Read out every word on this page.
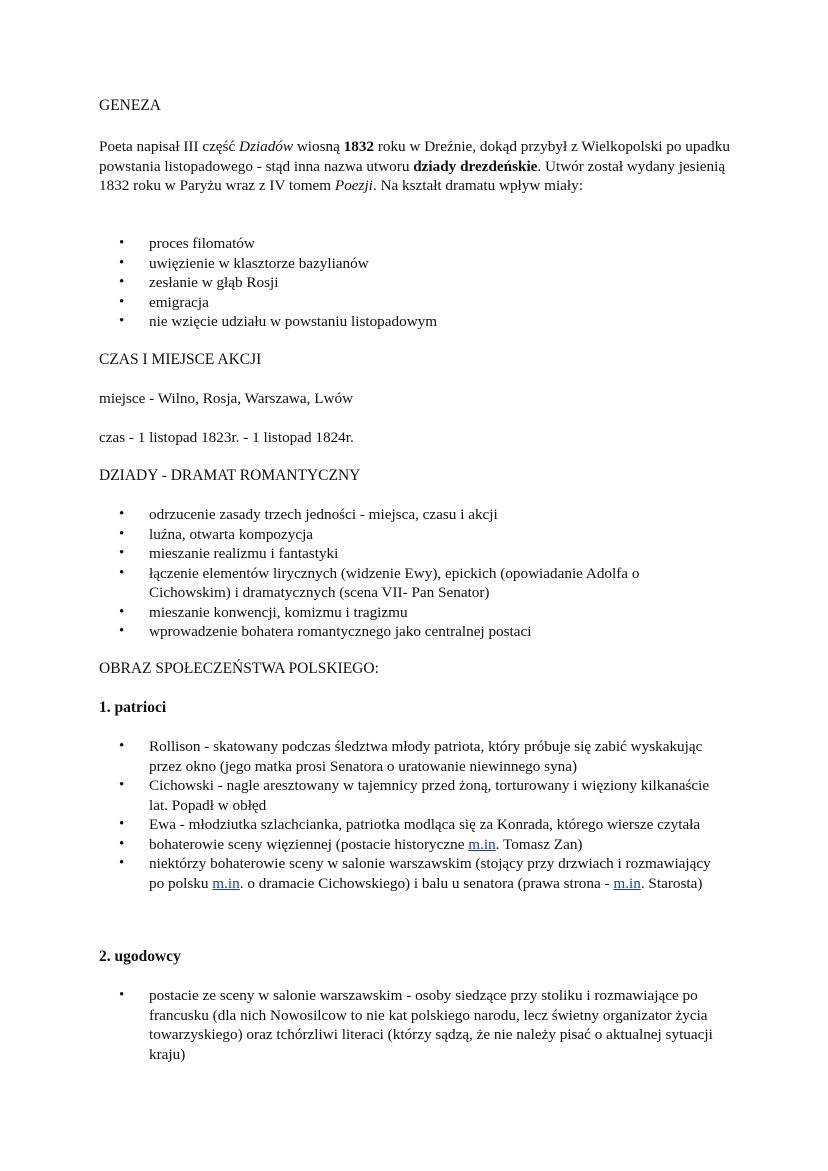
GENEZA

Poeta napisał III część Dziadów wiosną 1832 roku w Dreźnie, dokąd przybył z Wielkopolski po upadku powstania listopadowego - stąd inna nazwa utworu dziady drezdeńskie. Utwór został wydany jesienią 1832 roku w Paryżu wraz z IV tomem Poezji. Na kształt dramatu wpływ miały:

• proces filomatów
• uwięzienie w klasztorze bazylianów
• zesłanie w głąb Rosji
• emigracja
• nie wzięcie udziału w powstaniu listopadowym

CZAS I MIEJSCE AKCJI

miejsce - Wilno, Rosja, Warszawa, Lwów

czas - 1 listopad 1823r. - 1 listopad 1824r.

DZIADY - DRAMAT ROMANTYCZNY

• odrzucenie zasady trzech jedności - miejsca, czasu i akcji
• luźna, otwarta kompozycja
• mieszanie realizmu i fantastyki
• łączenie elementów lirycznych (widzenie Ewy), epickich (opowiadanie Adolfa o Cichowskim) i dramatycznych (scena VII- Pan Senator)
• mieszanie konwencji, komizmu i tragizmu
• wprowadzenie bohatera romantycznego jako centralnej postaci

OBRAZ SPOŁECZEŃSTWA POLSKIEGO:

1. patrioci

• Rollison - skatowany podczas śledztwa młody patriota, który próbuje się zabić wyskakując przez okno (jego matka prosi Senatora o uratowanie niewinnego syna)
• Cichowski - nagle aresztowany w tajemnicy przed żoną, torturowany i więziony kilkanaście lat. Popadł w obłęd
• Ewa - młodziutka szlachcianka, patriotka modląca się za Konrada, którego wiersze czytała
• bohaterowie sceny więziennej (postacie historyczne m.in. Tomasz Zan)
• niektórzy bohaterowie sceny w salonie warszawskim (stojący przy drzwiach i rozmawiający po polsku m.in. o dramacie Cichowskiego) i balu u senatora (prawa strona - m.in. Starosta)

2. ugodowcy

• postacie ze sceny w salonie warszawskim - osoby siedzące przy stoliku i rozmawiające po francusku (dla nich Nowosilcow to nie kat polskiego narodu, lecz świetny organizator życia towarzyskiego) oraz tchórzliwi literaci (którzy sądzą, że nie należy pisać o aktualnej sytuacji kraju)
